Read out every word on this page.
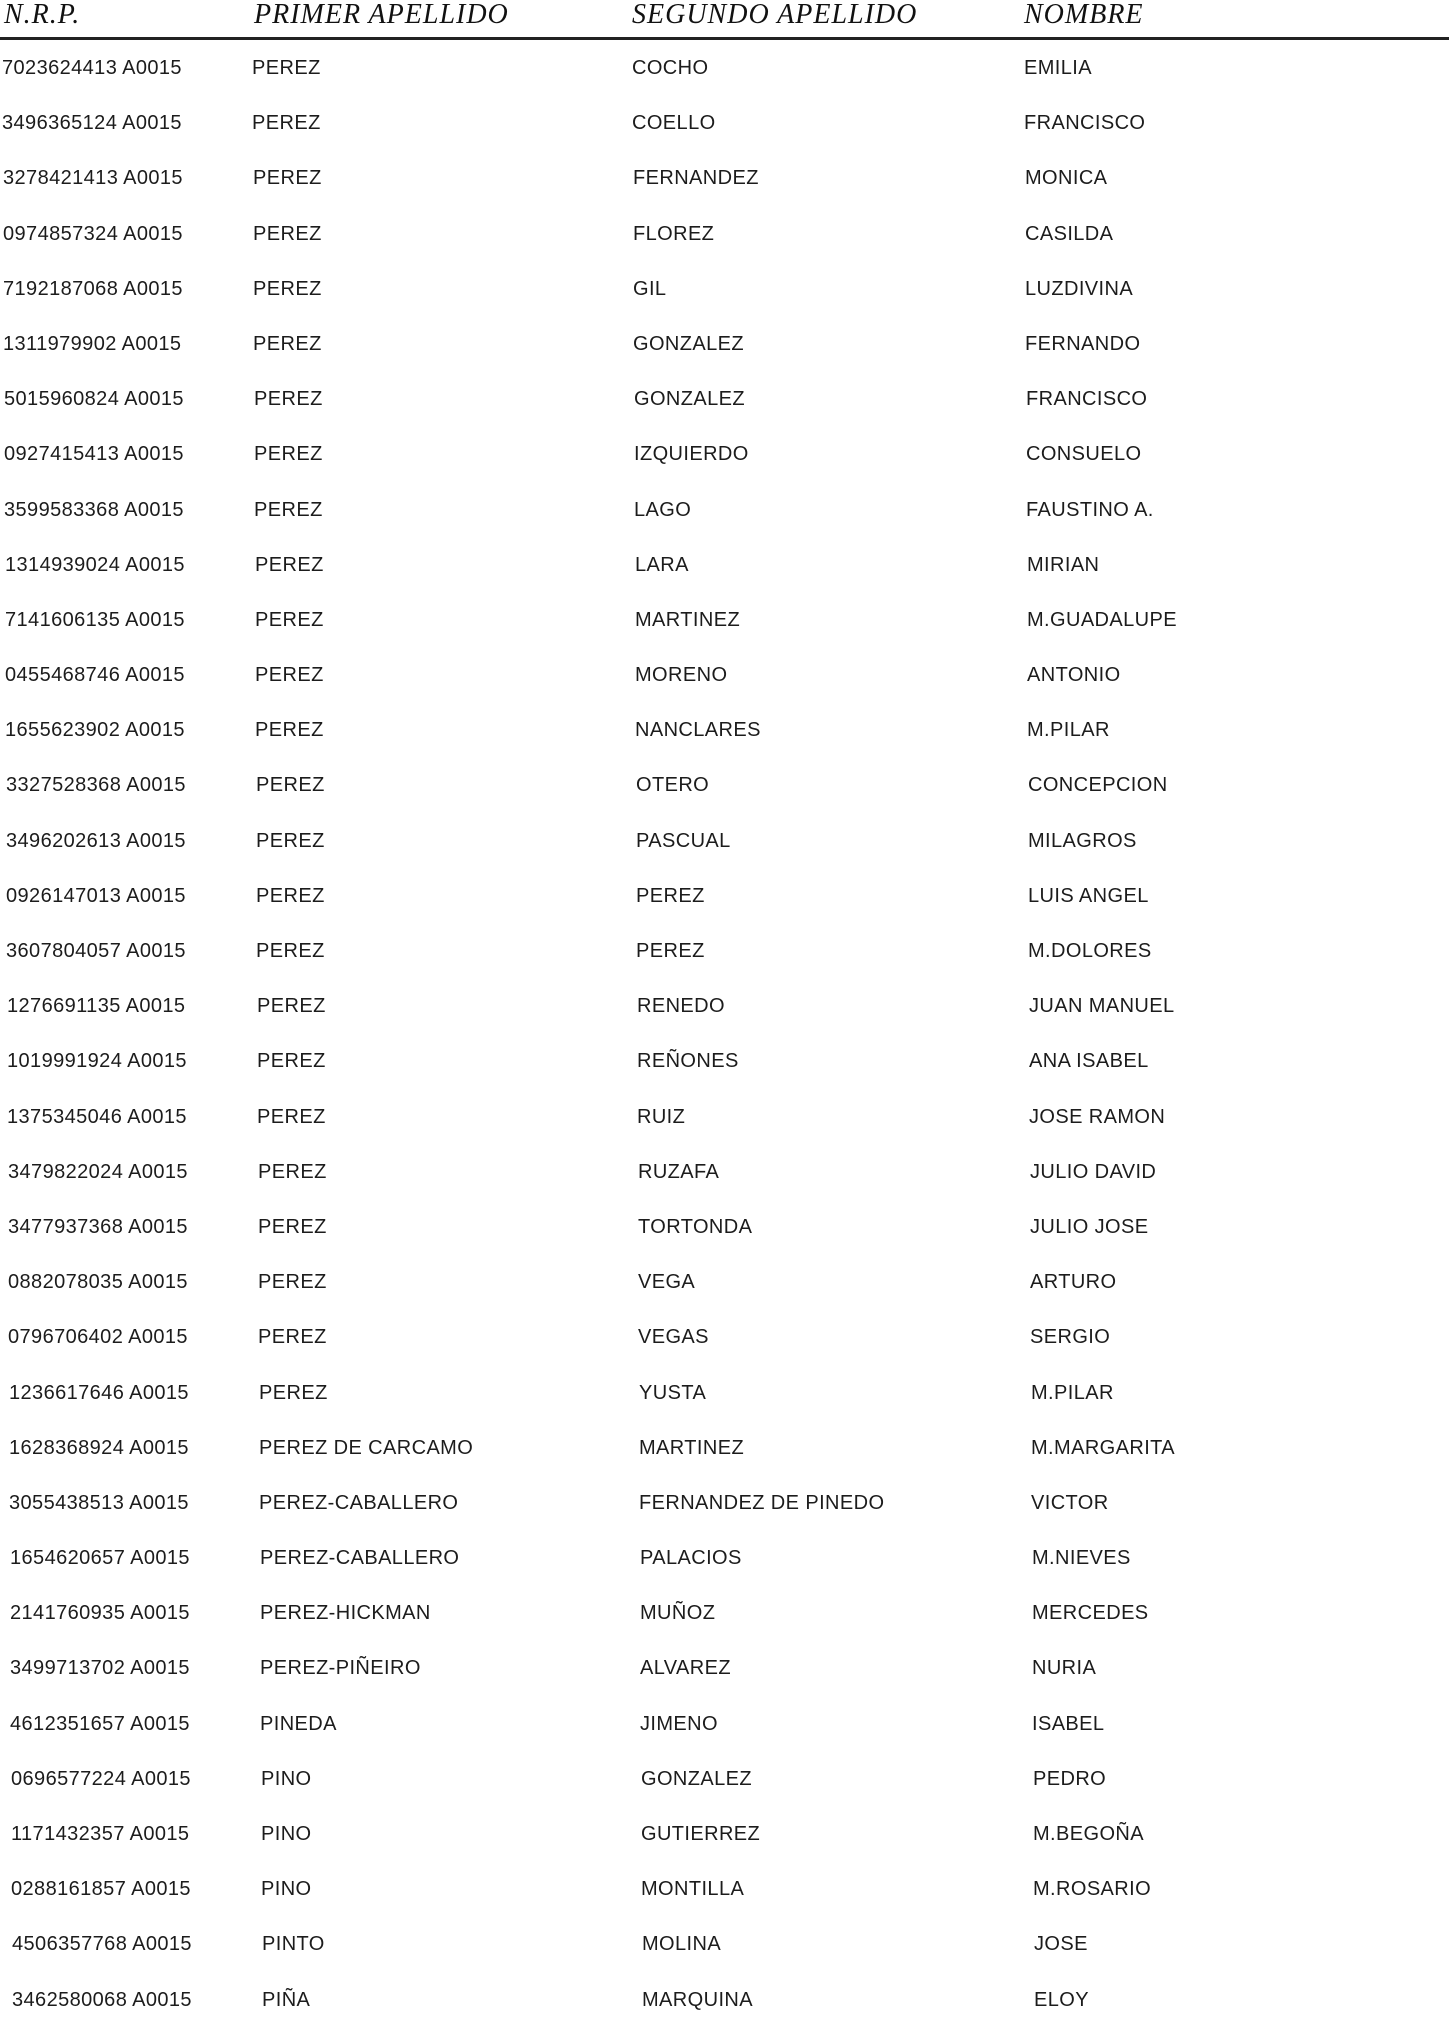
N.R.P.	PRIMER APELLIDO	SEGUNDO APELLIDO	NOMBRE
7023624413 A0015	PEREZ	COCHO	EMILIA
3496365124 A0015	PEREZ	COELLO	FRANCISCO
3278421413 A0015	PEREZ	FERNANDEZ	MONICA
0974857324 A0015	PEREZ	FLOREZ	CASILDA
7192187068 A0015	PEREZ	GIL	LUZDIVINA
1311979902 A0015	PEREZ	GONZALEZ	FERNANDO
5015960824 A0015	PEREZ	GONZALEZ	FRANCISCO
0927415413 A0015	PEREZ	IZQUIERDO	CONSUELO
3599583368 A0015	PEREZ	LAGO	FAUSTINO A.
1314939024 A0015	PEREZ	LARA	MIRIAN
7141606135 A0015	PEREZ	MARTINEZ	M.GUADALUPE
0455468746 A0015	PEREZ	MORENO	ANTONIO
1655623902 A0015	PEREZ	NANCLARES	M.PILAR
3327528368 A0015	PEREZ	OTERO	CONCEPCION
3496202613 A0015	PEREZ	PASCUAL	MILAGROS
0926147013 A0015	PEREZ	PEREZ	LUIS ANGEL
3607804057 A0015	PEREZ	PEREZ	M.DOLORES
1276691135 A0015	PEREZ	RENEDO	JUAN MANUEL
1019991924 A0015	PEREZ	REÑONES	ANA ISABEL
1375345046 A0015	PEREZ	RUIZ	JOSE RAMON
3479822024 A0015	PEREZ	RUZAFA	JULIO DAVID
3477937368 A0015	PEREZ	TORTONDA	JULIO JOSE
0882078035 A0015	PEREZ	VEGA	ARTURO
0796706402 A0015	PEREZ	VEGAS	SERGIO
1236617646 A0015	PEREZ	YUSTA	M.PILAR
1628368924 A0015	PEREZ DE CARCAMO	MARTINEZ	M.MARGARITA
3055438513 A0015	PEREZ-CABALLERO	FERNANDEZ DE PINEDO	VICTOR
1654620657 A0015	PEREZ-CABALLERO	PALACIOS	M.NIEVES
2141760935 A0015	PEREZ-HICKMAN	MUÑOZ	MERCEDES
3499713702 A0015	PEREZ-PIÑEIRO	ALVAREZ	NURIA
4612351657 A0015	PINEDA	JIMENO	ISABEL
0696577224 A0015	PINO	GONZALEZ	PEDRO
1171432357 A0015	PINO	GUTIERREZ	M.BEGOÑA
0288161857 A0015	PINO	MONTILLA	M.ROSARIO
4506357768 A0015	PINTO	MOLINA	JOSE
3462580068 A0015	PIÑA	MARQUINA	ELOY
